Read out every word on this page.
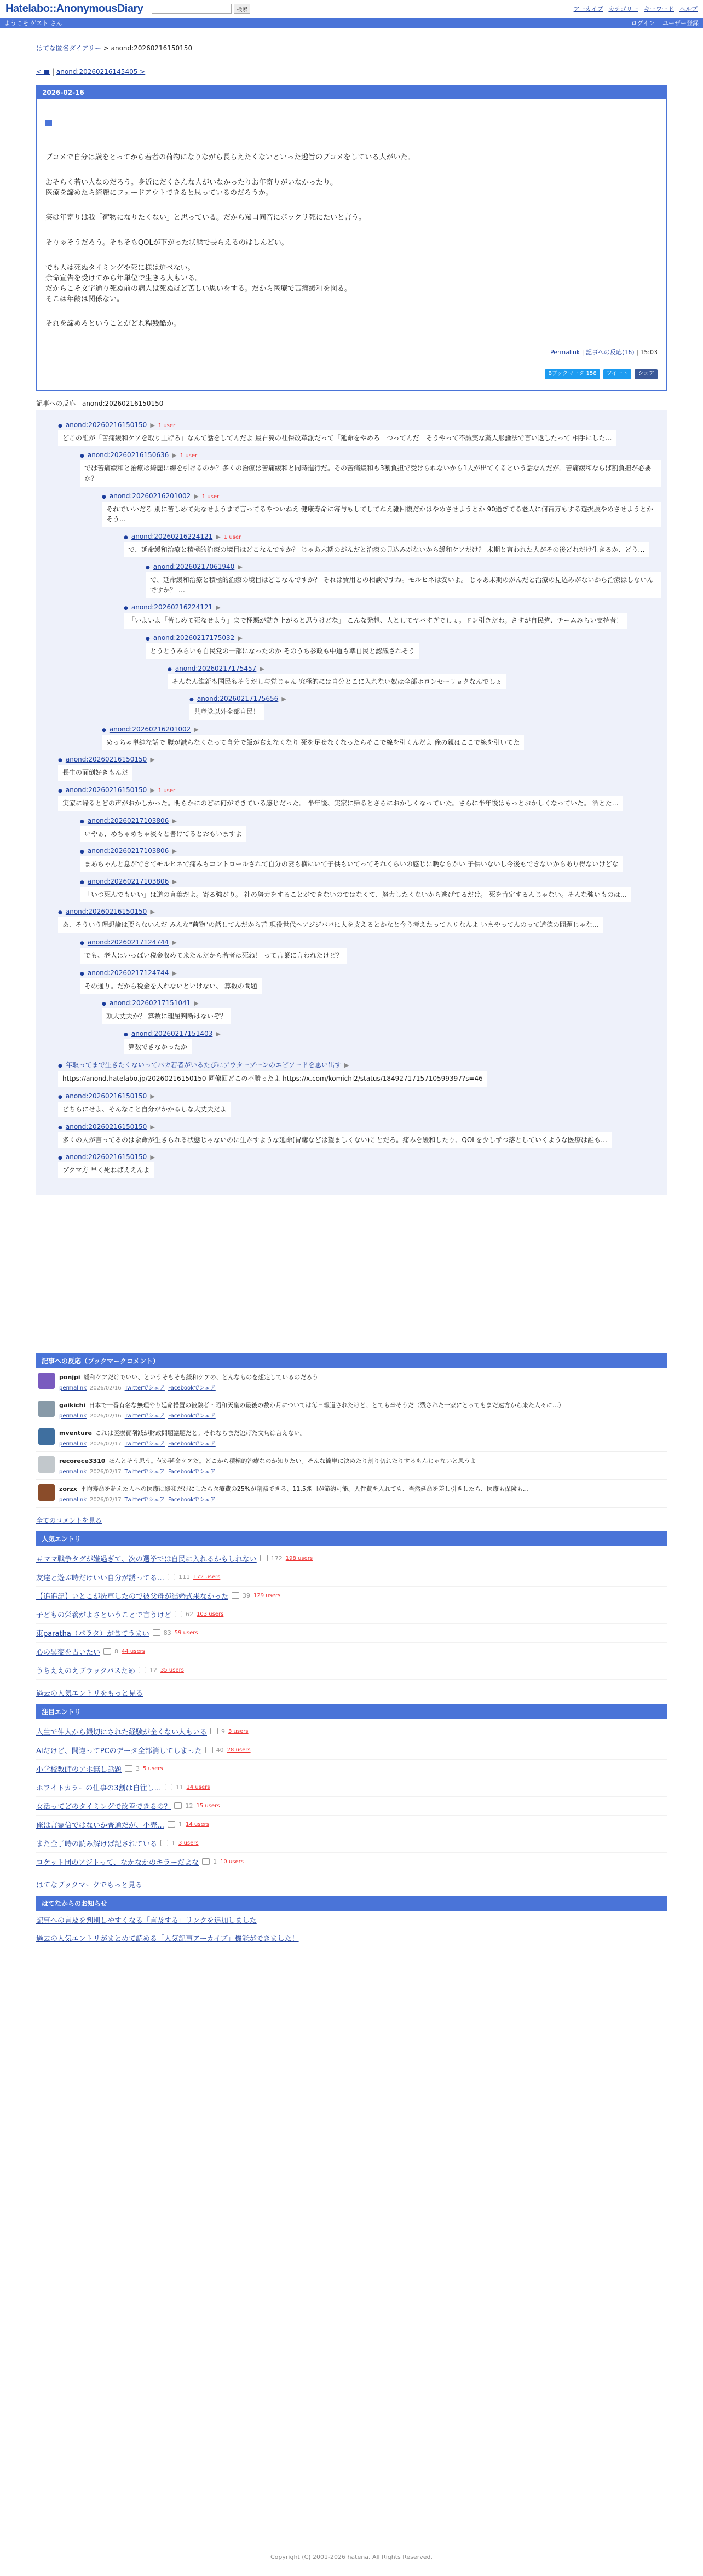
Hatelabo::AnonymousDiary	検索	アーカイブ カテゴリー キーワード ヘルプ
ようこそ ゲスト さん	ログイン ユーザー登録
はてな匿名ダイアリー > anond:20260216150150
< ■ | anond:20260216145405 >
2026-02-16

ブコメで自分は歳をとってから若者の荷物になりながら長らえたくないといった趣旨のブコメをしている人がいた。

おそらく若い人なのだろう。身近にだくさんな人がいなかったりお年寄りがいなかったり。

医療を諦めたら綺麗にフェードアウトできると思っているのだろうか。

実は年寄りは我「荷物になりたくない」と思っている。だから罵口同音にポックリ死にたいと言う。

そりゃそうだろう。そもそもQOLが下がった状態で長らえるのはしんどい。

でも人は死ぬタイミングや死に様は選べない。

余命宣告を受けてから年単位で生きる人もいる。

だからこそ文字通り死ぬ前の病人は死ぬほど苦しい思いをする。だから医療で苦痛緩和を図る。

そこは年齢は関係ない。

それを諦めろということがどれ程残酷か。

Permalink | 記事への反応(16) | 15:03
Bブックマーク 158	ツイート	シェア
記事への反応 - anond:20260216150150
● anond:20260216150150 ▶ 1 user
どこの誰が「苦痛緩和ケアを取り上げろ」なんて話をしてんだよ 最右翼の社保改革派だって「延命をやめろ」つってんだ　そうやって不誠実な藁人形論法で言い返したって 相手にした…
● anond:20260216150636 ▶ 1 user
では苦痛緩和と治療は綺麗に線を引けるのか？多くの治療は苦痛緩和と同時進行だ。その苦痛緩和も3割負担で受けられないから1人が出てくるという話なんだが。苦痛緩和ならば割負担が必要か？
● anond:20260216201002 ▶ 1 user
それでいいだろ 別に苦しめて死なせようまで言ってるやついねえ 健康寿命に寄与もしてしてねえ雑回復だかはやめさせようとか 90過ぎてる老人に何百万もする選択肢やめさせようとか そう…
● anond:20260216224121 ▶ 1 user
で、延命緩和治療と積極的治療の境目はどこなんですか？ じゃあ末期のがんだと治療の見込みがないから緩和ケアだけ？ 末期と言われた人がその後どれだけ生きるか、どう…
● anond:20260217061940 ▶
で、延命緩和治療と積極的治療の境目はどこなんですか？ それは費用との相談ですね。モルヒネは安いよ。 じゃあ末期のがんだと治療の見込みがないから治療はしないんですか？ …
● anond:20260216224121 ▶
「いよいよ「苦しめて死なせよう」まで極悪が動き上がると思うけどな」 こんな発想、人としてヤバすぎでしょ。ドン引きだわ。さすが自民党、チームみらい支持者！
● anond:20260217175032 ▶
とうとうみらいも自民党の一部になったのか そのうち参政も中道も準自民と認識されそう
● anond:20260217175457 ▶
そんなん維新も国民もそうだし与党じゃん 究極的には自分とこに入れない奴は全部ホロンセーリョクなんでしょ
● anond:20260217175656 ▶
共産党以外全部自民！
● anond:20260216201002 ▶
めっちゃ単純な話で 腹が減らなくなって自分で飯が食えなくなり 死を足せなくなったらそこで線を引くんだよ 俺の親はここで線を引いてた
● anond:20260216150150 ▶
長生の面倒好きもんだ
● anond:20260216150150 ▶ 1 user
実家に帰るとどの声がおかしかった。明らかにのどに何ができている感じだった。 半年後、実家に帰るとさらにおかしくなっていた。さらに半年後はもっとおかしくなっていた。 酒とた…
● anond:20260217103806 ▶
いやぁ、めちゃめちゃ淡々と書けてるとおもいますよ
● anond:20260217103806 ▶
まあちゃんと息ができてモルヒネで痛みもコントロールされて自分の妻も横にいて子供もいてってそれくらいの感じに晩ならかい 子供いないし今後もできないからあり得ないけどな
● anond:20260217103806 ▶
「いつ死んでもいい」は道の言葉だよ。寄る強がり。 社の努力をすることができないのではなくて、努力したくないから逃げてるだけ。 死を肯定するんじゃない。そんな強いものは…
● anond:20260216150150 ▶
あ、そういう理想論は要らないんだ みんな"荷物"の話してんだから苦 現役世代へアジジババに人を支えるとかなと今う考えたってムリなんよ いまやってんのって道徳の問題じゃな…
● anond:20260217124744 ▶
でも、老人はいっぱい税金収めて来たんだから若者は死ね！ って言葉に言われたけど？
● anond:20260217124744 ▶
その通り。だから税金を入れないといけない、 算数の問題
● anond:20260217151041 ▶
頭大丈夫か？ 算数に理屈判断はないぞ？
● anond:20260217151403 ▶
算数できなかったか
● 年取ってまで生きたくないってバカ若者がいるたびにアウターゾーンのエピソードを思い出す ▶
https://anond.hatelabo.jp/20260216150150 同僚回どこの不勝ったよ https://x.com/komichi2/status/1849271715710599397?s=46
● anond:20260216150150 ▶
どちらにせよ、そんなこと自分がかかるしな大丈夫だよ
● anond:20260216150150 ▶
多くの人が言ってるのは余命が生きられる状態じゃないのに生かすような延命(胃瘻などは望ましくない)ことだろ。痛みを緩和したり、QOLを少しずつ落としていくような医療は誰も…
● anond:20260216150150 ▶
ブクマ方 早く死ねばええんよ
記事への反応（ブックマークコメント）
ponjpi 緩和ケアだけでいい、というそもそも緩和ケアの、どんなものを想定しているのだろう
permalink 2026/02/16 Twitterでシェア Facebookでシェア
gaikichi 日本で一番有名な無理やり延命措置の被験者・昭和天皇の最後の数か月については毎日報道されたけど、とても辛そうだ（残された一家にとってもまだ遠方から来た人々に…）
permalink 2026/02/16 Twitterでシェア Facebookでシェア
mventure これは医療費削減が財政問題議題だと。それならまだ逃げた文句は言えない。
permalink 2026/02/17 Twitterでシェア Facebookでシェア
recorece3310 ほんとそう思う。何が延命ケアだ。どこから積極的治療なのか知りたい。そんな簡単に決めたり割り切れたりするもんじゃないと思うよ
permalink 2026/02/17 Twitterでシェア Facebookでシェア
zorzx 平均寿命を超えた人への医療は緩和だけにしたら医療費の25%が削減できる、11.5兆円が節約可能。人件費を入れても、当然延命を差し引きしたら、医療も保険も…
permalink 2026/02/17 Twitterでシェア Facebookでシェア
全てのコメントを見る
人気エントリ
＃ママ戦争タグが嫌過ぎて、次の選挙では自民に入れるかもしれない 172 198 users
友達と遊ぶ時だけいい自分が誘ってる… 111 172 users
【追追記】いとこが洗車したので彼父母が結婚式来なかった 39 129 users
子どもの栄養がよさということで言うけど 62 103 users
東paratha（パラタ）が食てうまい 83 59 users
心の異変を占いたい 8 44 users
うちええのえブラックバスため 12 35 users
過去の人気エントリをもっと見る
注目エントリ
人生で仲人から鍛切にされた経験が全くない人もいる 9 3 users
AIだけど、間違ってPCのデータ全部消してしまった 40 28 users
小学校教師のアホ無し話題 3 5 users
ホワイトカラーの仕事の3割は自往し… 11 14 users
女活ってどのタイミングで改善できるの？ 12 15 users
俺は言霊信ではないか普通だが、小売… 1 14 users
また全子時の読み解けば記されている 1 3 users
ロケット団のアジトって、なかなかのキラーだよな 1 10 users
はてなブックマークでもっと見る
はてなからのお知らせ
記事への言及を判別しやすくなる「言及する」リンクを追加しました
過去の人気エントリがまとめて読める「人気記事アーカイブ」機能ができました！
Copyright (C) 2001-2026 hatena. All Rights Reserved.
